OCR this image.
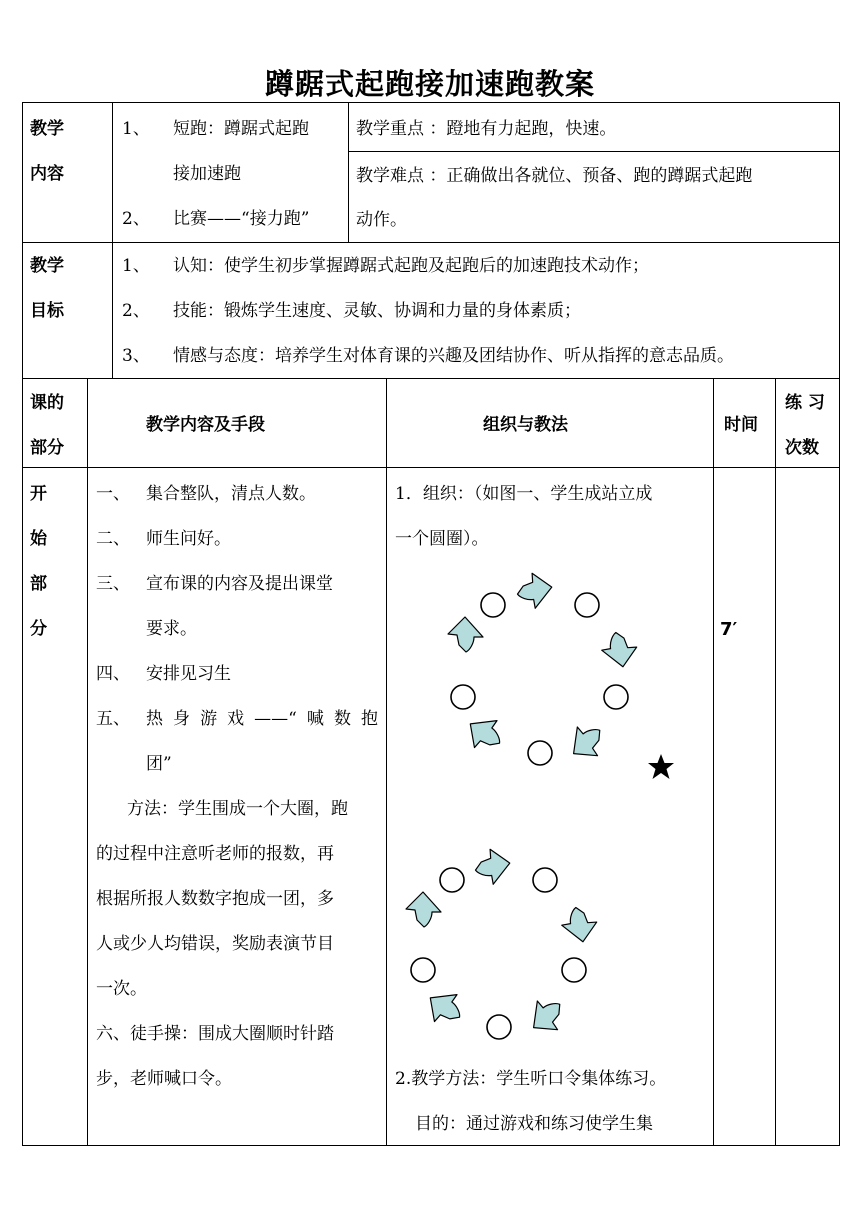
蹲踞式起跑接加速跑教案
教学
内容
1、 短跑：蹲踞式起跑
接加速跑
2、 比赛——“接力跑”
教学重点 ：蹬地有力起跑，快速。
教学难点 ：正确做出各就位、预备、跑的蹲踞式起跑
动作。
教学
目标
1、 认知：使学生初步掌握蹲踞式起跑及起跑后的加速跑技术动作；
2、 技能：锻炼学生速度、灵敏、协调和力量的身体素质；
3、 情感与态度：培养学生对体育课的兴趣及团结协作、听从指挥的意志品质。
课的
部分
教学内容及手段	组织与教法	时间
练 习
次数
开
始
部
分
一、 集合整队，清点人数。
二、 师生问好。
三、 宣布课的内容及提出课堂
要求。
四、 安排见习生
五、 热身游戏——“喊数抱
团”
方法：学生围成一个大圈，跑
的过程中注意听老师的报数，再
根据所报人数数字抱成一团，多
人或少人均错误，奖励表演节目
一次。
六、徒手操：围成大圈顺时针踏
步，老师喊口令。
1．组织：（如图一、学生成站立成
一个圆圈）。
2.教学方法：学生听口令集体练习。
目的：通过游戏和练习使学生集
7′
